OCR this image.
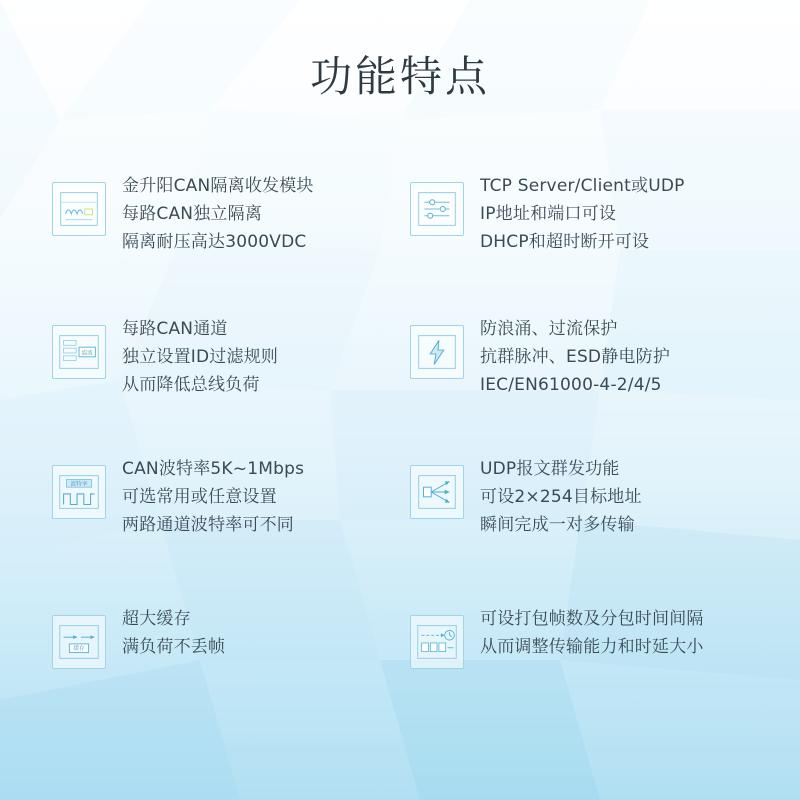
功能特点
金升阳CAN隔离收发模块
每路CAN独立隔离
隔离耐压高达3000VDC
TCP Server/Client或UDP
IP地址和端口可设
DHCP和超时断开可设
滤波
每路CAN通道
独立设置ID过滤规则
从而降低总线负荷
防浪涌、过流保护
抗群脉冲、ESD静电防护
IEC/EN61000-4-2/4/5
波特率
CAN波特率5K~1Mbps
可选常用或任意设置
两路通道波特率可不同
UDP报文群发功能
可设2×254目标地址
瞬间完成一对多传输
缓存
超大缓存
满负荷不丢帧
可设打包帧数及分包时间间隔
从而调整传输能力和时延大小
